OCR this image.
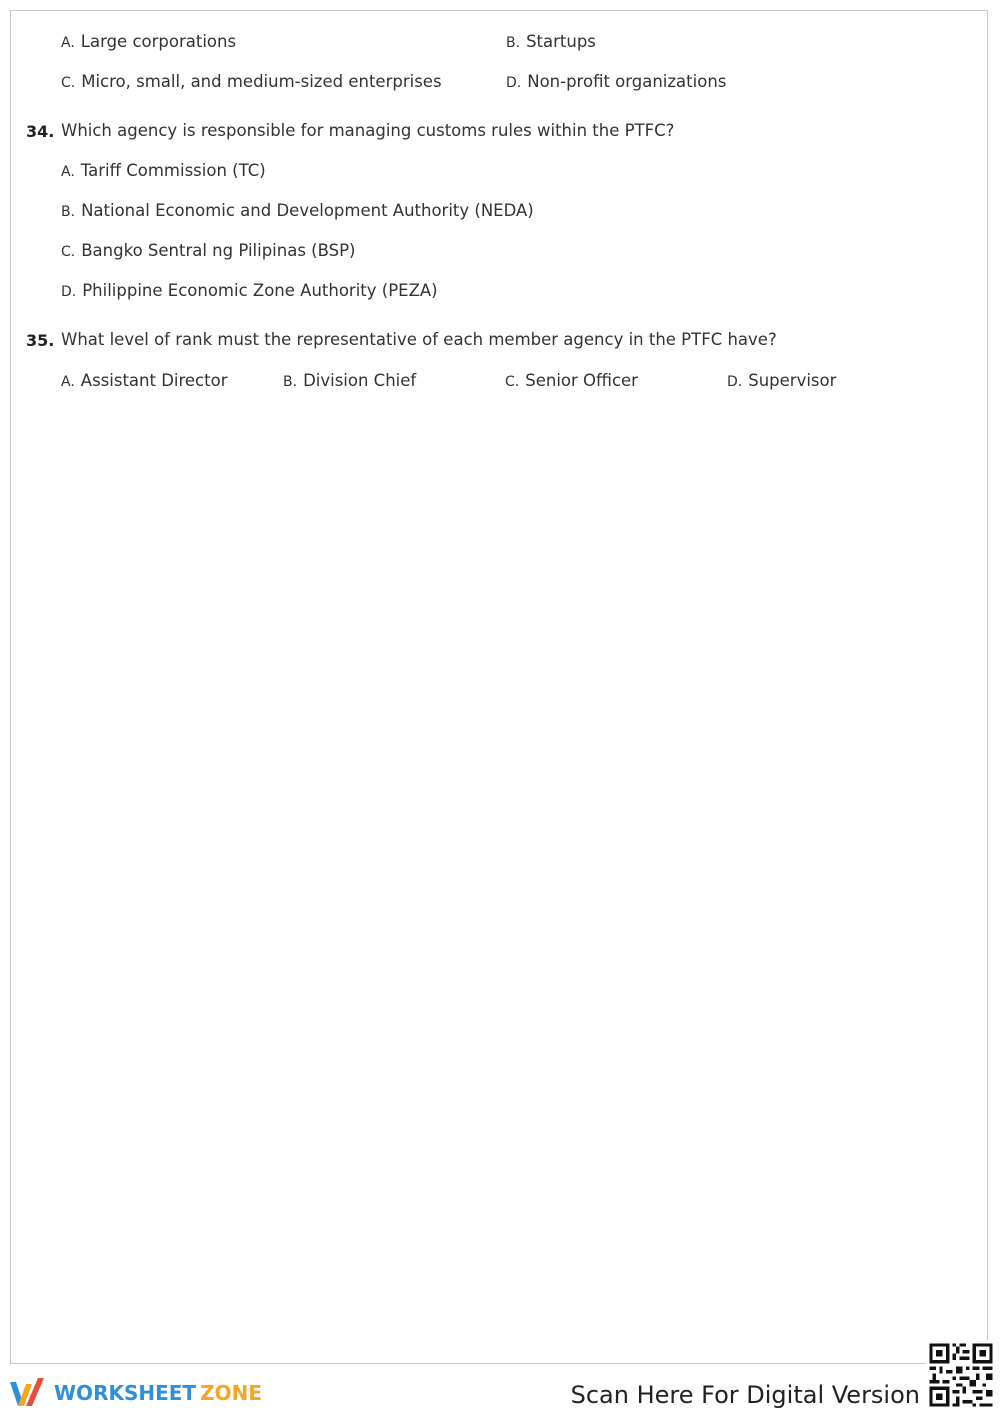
A. Large corporations	B. Startups
C. Micro, small, and medium-sized enterprises	D. Non-profit organizations
34. Which agency is responsible for managing customs rules within the PTFC?
A. Tariff Commission (TC)
B. National Economic and Development Authority (NEDA)
C. Bangko Sentral ng Pilipinas (BSP)
D. Philippine Economic Zone Authority (PEZA)
35. What level of rank must the representative of each member agency in the PTFC have?
A. Assistant Director	B. Division Chief	C. Senior Officer	D. Supervisor
WORKSHEET ZONE	Scan Here For Digital Version
